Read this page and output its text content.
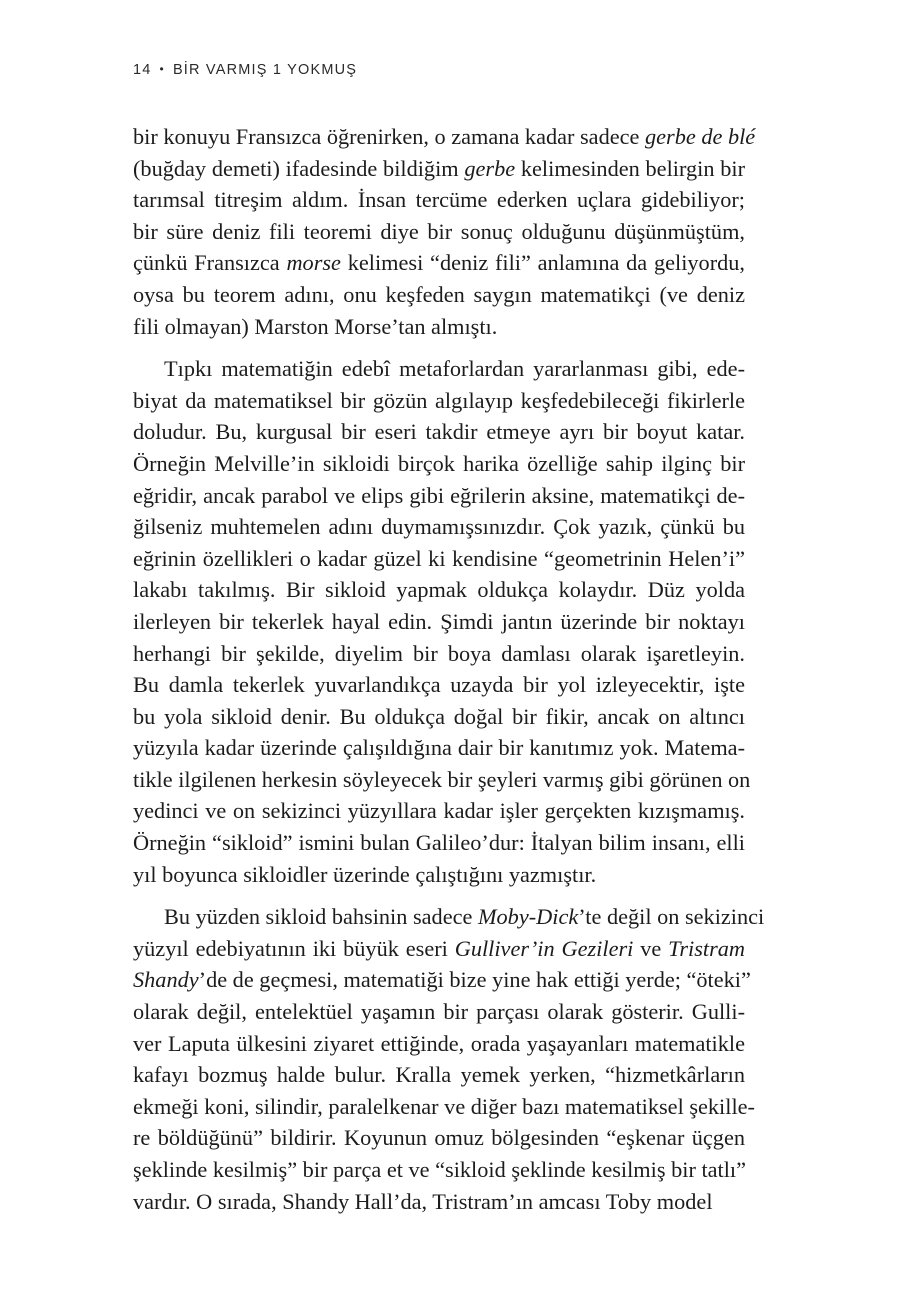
14 • BİR VARMIŞ 1 YOKMUŞ

bir konuyu Fransızca öğrenirken, o zamana kadar sadece gerbe de blé
(buğday demeti) ifadesinde bildiğim gerbe kelimesinden belirgin bir
tarımsal titreşim aldım. İnsan tercüme ederken uçlara gidebiliyor;
bir süre deniz fili teoremi diye bir sonuç olduğunu düşünmüştüm,
çünkü Fransızca morse kelimesi “deniz fili” anlamına da geliyordu,
oysa bu teorem adını, onu keşfeden saygın matematikçi (ve deniz
fili olmayan) Marston Morse’tan almıştı.

Tıpkı matematiğin edebî metaforlardan yararlanması gibi, ede-
biyat da matematiksel bir gözün algılayıp keşfedebileceği fikirlerle
doludur. Bu, kurgusal bir eseri takdir etmeye ayrı bir boyut katar.
Örneğin Melville’in sikloidi birçok harika özelliğe sahip ilginç bir
eğridir, ancak parabol ve elips gibi eğrilerin aksine, matematikçi de-
ğilseniz muhtemelen adını duymamışsınızdır. Çok yazık, çünkü bu
eğrinin özellikleri o kadar güzel ki kendisine “geometrinin Helen’i”
lakabı takılmış. Bir sikloid yapmak oldukça kolaydır. Düz yolda
ilerleyen bir tekerlek hayal edin. Şimdi jantın üzerinde bir noktayı
herhangi bir şekilde, diyelim bir boya damlası olarak işaretleyin.
Bu damla tekerlek yuvarlandıkça uzayda bir yol izleyecektir, işte
bu yola sikloid denir. Bu oldukça doğal bir fikir, ancak on altıncı
yüzyıla kadar üzerinde çalışıldığına dair bir kanıtımız yok. Matema-
tikle ilgilenen herkesin söyleyecek bir şeyleri varmış gibi görünen on
yedinci ve on sekizinci yüzyıllara kadar işler gerçekten kızışmamış.
Örneğin “sikloid” ismini bulan Galileo’dur: İtalyan bilim insanı, elli
yıl boyunca sikloidler üzerinde çalıştığını yazmıştır.

Bu yüzden sikloid bahsinin sadece Moby-Dick’te değil on sekizinci
yüzyıl edebiyatının iki büyük eseri Gulliver’in Gezileri ve Tristram
Shandy’de de geçmesi, matematiği bize yine hak ettiği yerde; “öteki”
olarak değil, entelektüel yaşamın bir parçası olarak gösterir. Gulli-
ver Laputa ülkesini ziyaret ettiğinde, orada yaşayanları matematikle
kafayı bozmuş halde bulur. Kralla yemek yerken, “hizmetkârların
ekmeği koni, silindir, paralelkenar ve diğer bazı matematiksel şekille-
re böldüğünü” bildirir. Koyunun omuz bölgesinden “eşkenar üçgen
şeklinde kesilmiş” bir parça et ve “sikloid şeklinde kesilmiş bir tatlı”
vardır. O sırada, Shandy Hall’da, Tristram’ın amcası Toby model
